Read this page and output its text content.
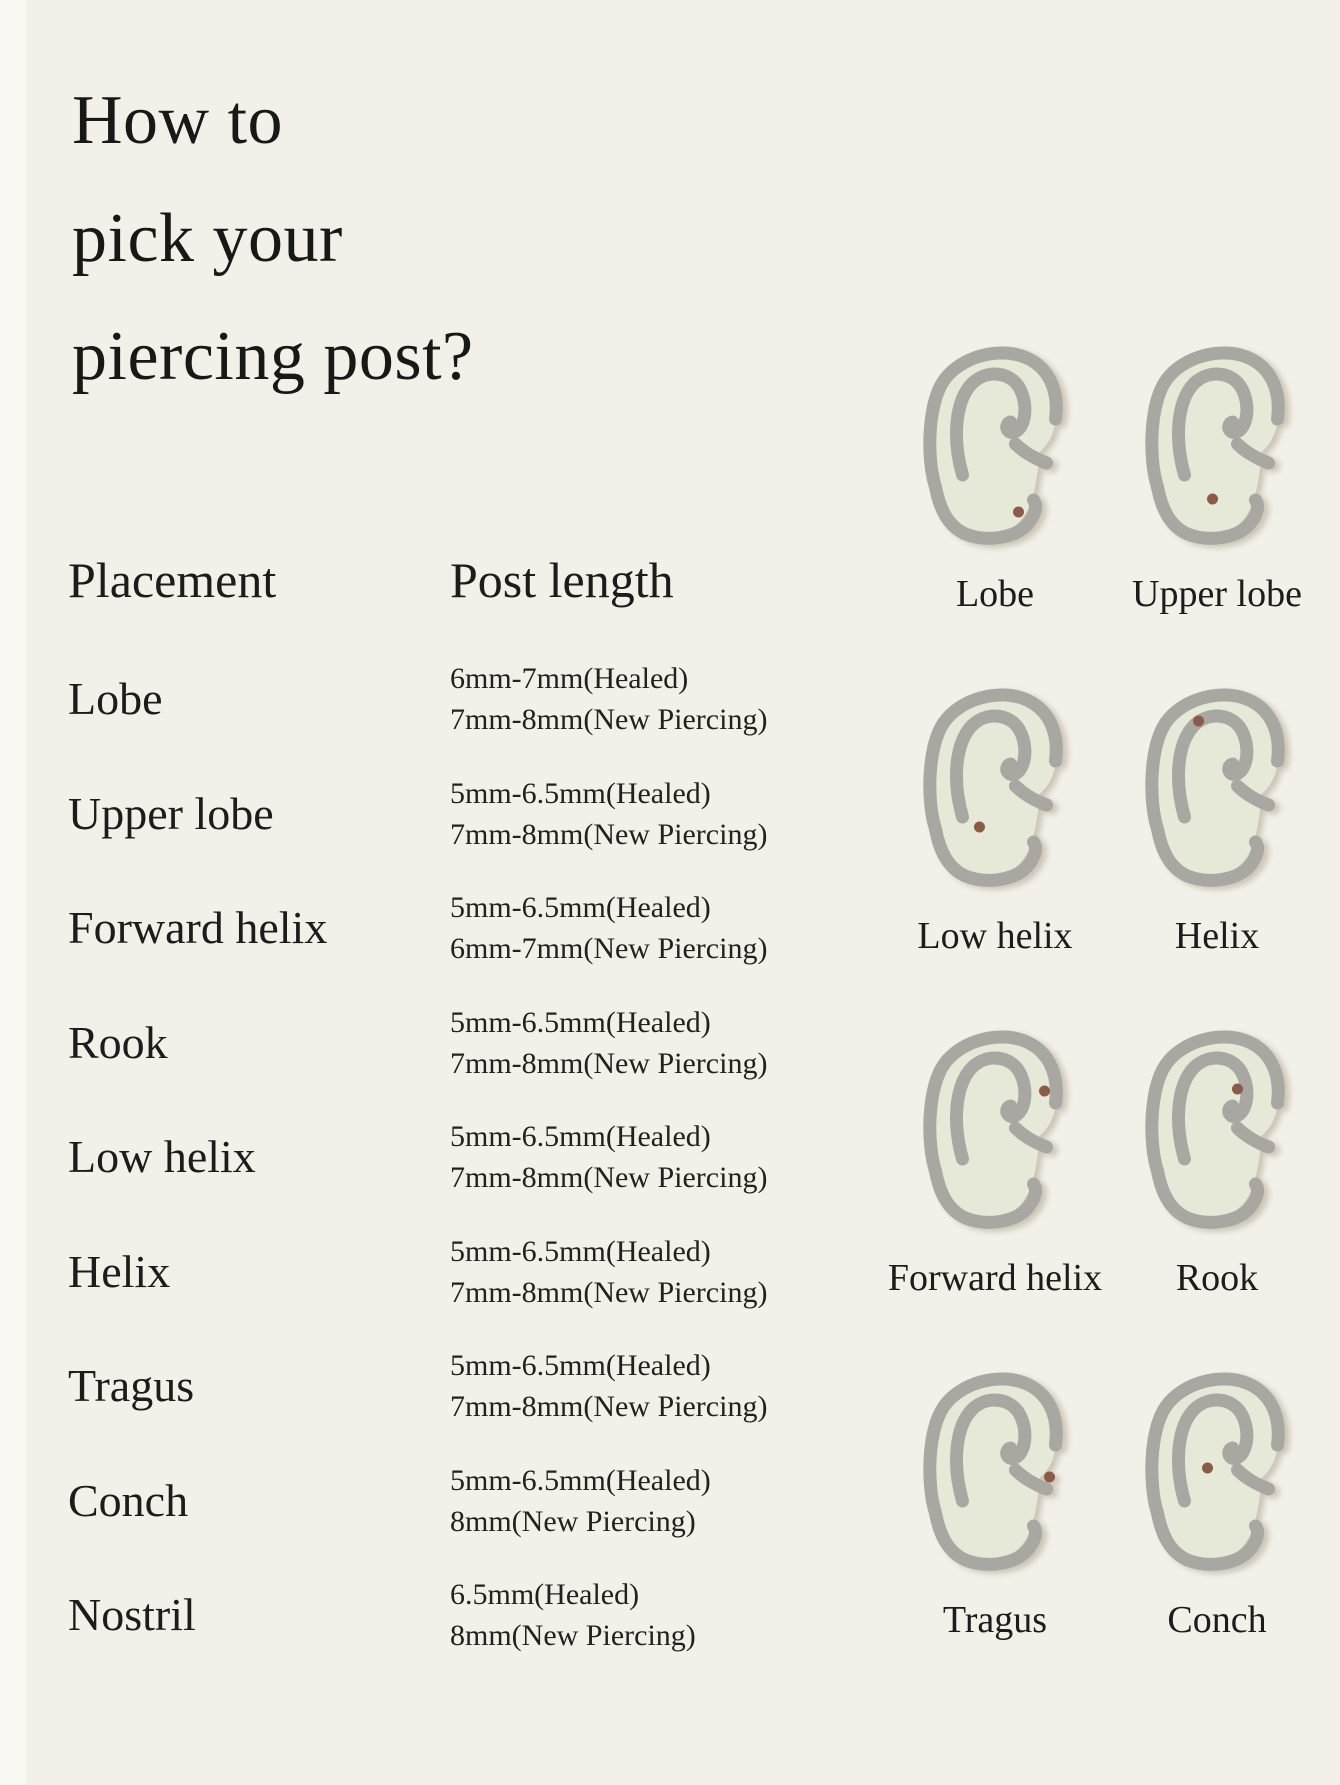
How to
pick your
piercing post?
Placement	Post length
Lobe	6mm-7mm(Healed)
7mm-8mm(New Piercing)
Upper lobe	5mm-6.5mm(Healed)
7mm-8mm(New Piercing)
Forward helix	5mm-6.5mm(Healed)
6mm-7mm(New Piercing)
Rook	5mm-6.5mm(Healed)
7mm-8mm(New Piercing)
Low helix	5mm-6.5mm(Healed)
7mm-8mm(New Piercing)
Helix	5mm-6.5mm(Healed)
7mm-8mm(New Piercing)
Tragus	5mm-6.5mm(Healed)
7mm-8mm(New Piercing)
Conch	5mm-6.5mm(Healed)
8mm(New Piercing)
Nostril	6.5mm(Healed)
8mm(New Piercing)
Lobe	Upper lobe
Low helix	Helix
Forward helix Rook
Tragus	Conch
